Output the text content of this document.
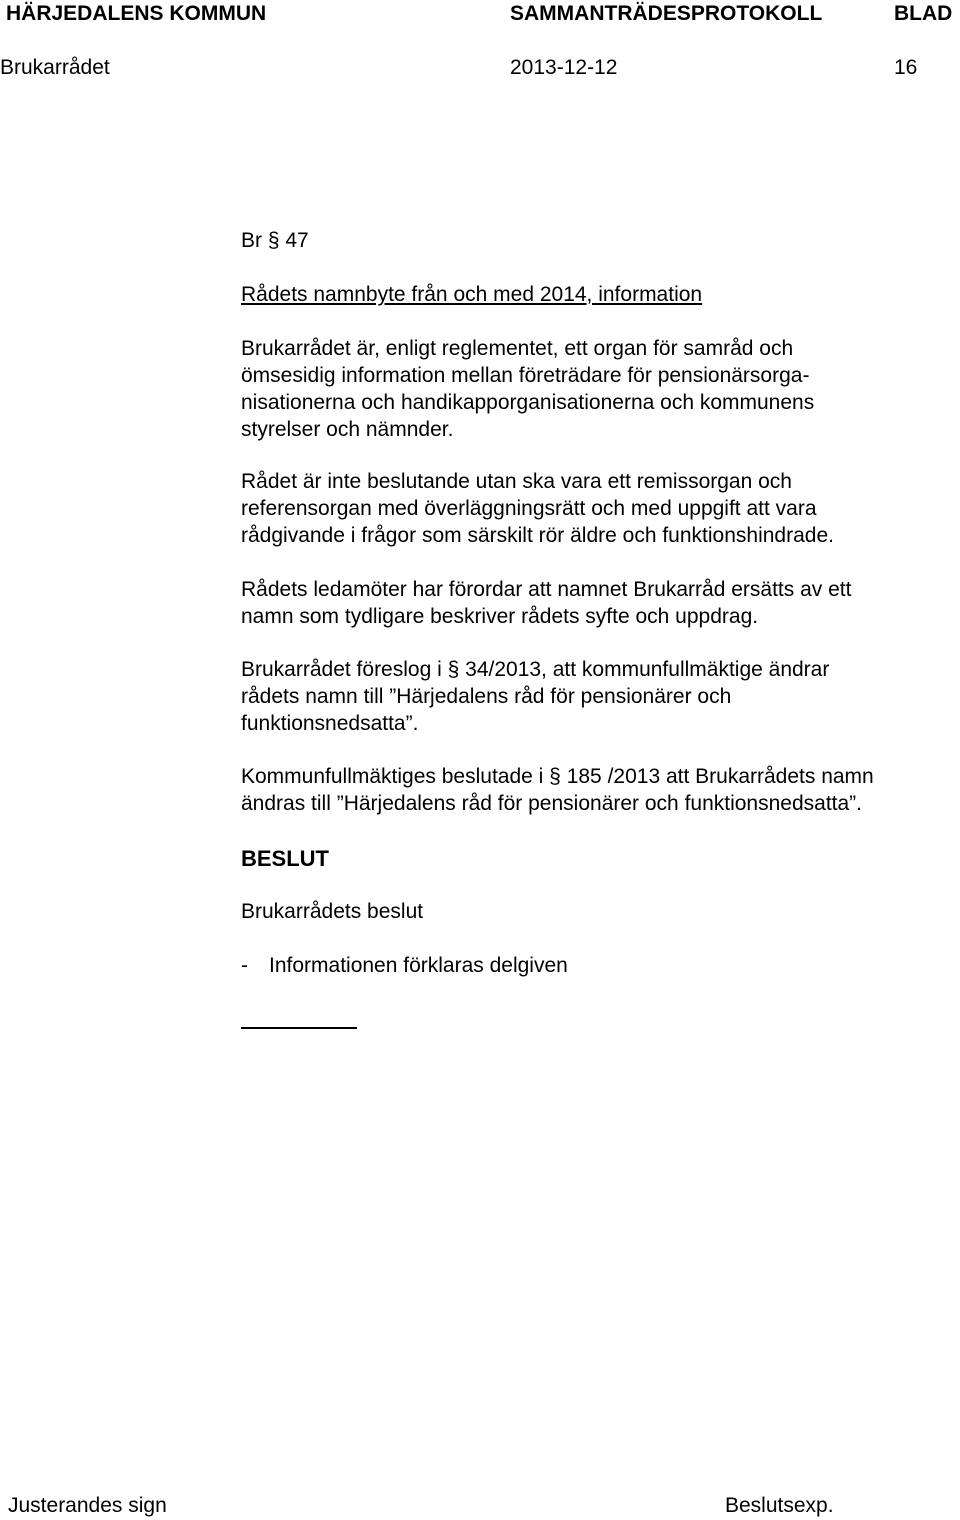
HÄRJEDALENS KOMMUN	SAMMANTRÄDESPROTOKOLL	BLAD
Brukarrådet	2013-12-12	16
Br § 47
Rådets namnbyte från och med 2014, information
Brukarrådet är, enligt reglementet, ett organ för samråd och
ömsesidig information mellan företrädare för pensionärsorga-
nisationerna och handikapporganisationerna och kommunens
styrelser och nämnder.
Rådet är inte beslutande utan ska vara ett remissorgan och
referensorgan med överläggningsrätt och med uppgift att vara
rådgivande i frågor som särskilt rör äldre och funktionshindrade.
Rådets ledamöter har förordar att namnet Brukarråd ersätts av ett
namn som tydligare beskriver rådets syfte och uppdrag.
Brukarrådet föreslog i § 34/2013, att kommunfullmäktige ändrar
rådets namn till ”Härjedalens råd för pensionärer och
funktionsnedsatta”.
Kommunfullmäktiges beslutade i § 185 /2013 att Brukarrådets namn
ändras till ”Härjedalens råd för pensionärer och funktionsnedsatta”.
BESLUT
Brukarrådets beslut
- Informationen förklaras delgiven
Justerandes sign	Beslutsexp.
